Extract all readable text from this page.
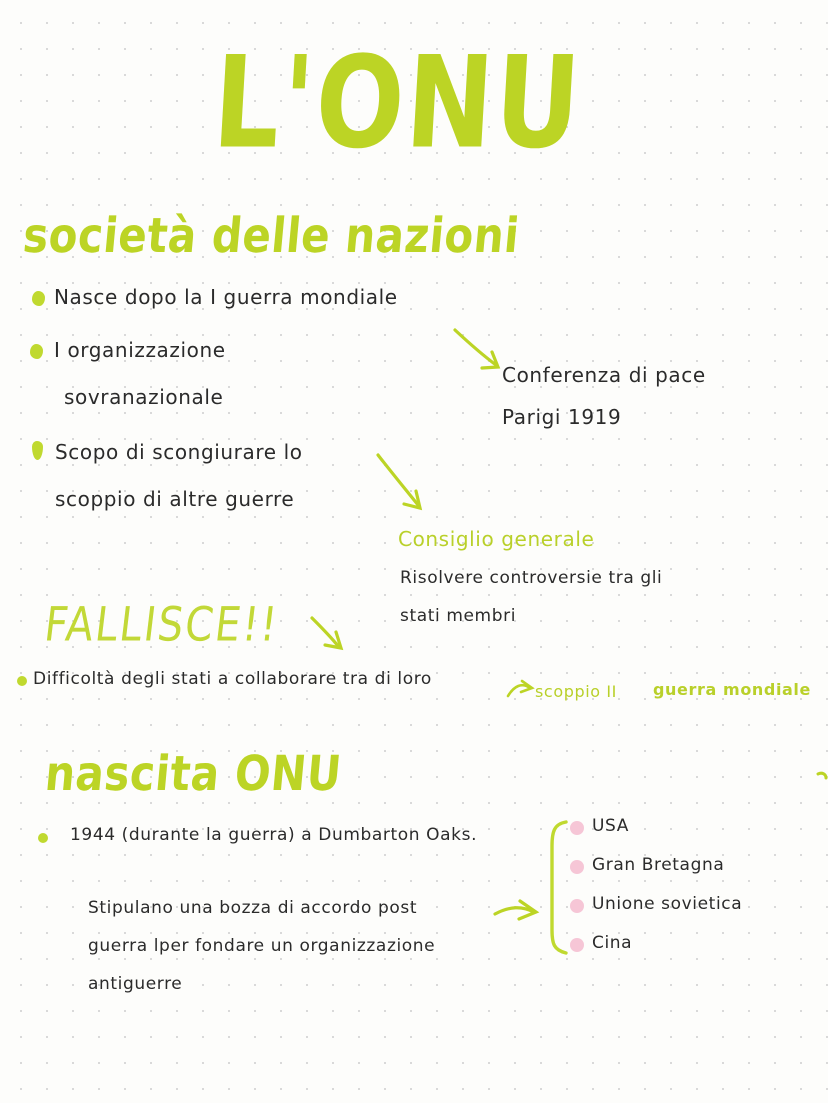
L'ONU
società delle nazioni
Nasce dopo la I guerra mondiale
I organizzazione
sovranazionale
Scopo di scongiurare lo
scoppio di altre guerre
Conferenza di pace
Parigi 1919
Consiglio generale
Risolvere controversie tra gli
stati membri
FALLISCE!!
Difficoltà degli stati a collaborare tra di loro
scoppio II guerra mondiale
nascita ONU
1944 (durante la guerra) a Dumbarton Oaks.
Stipulano una bozza di accordo post
guerra lper fondare un organizzazione
antiguerre
USA
Gran Bretagna
Unione sovietica
Cina
